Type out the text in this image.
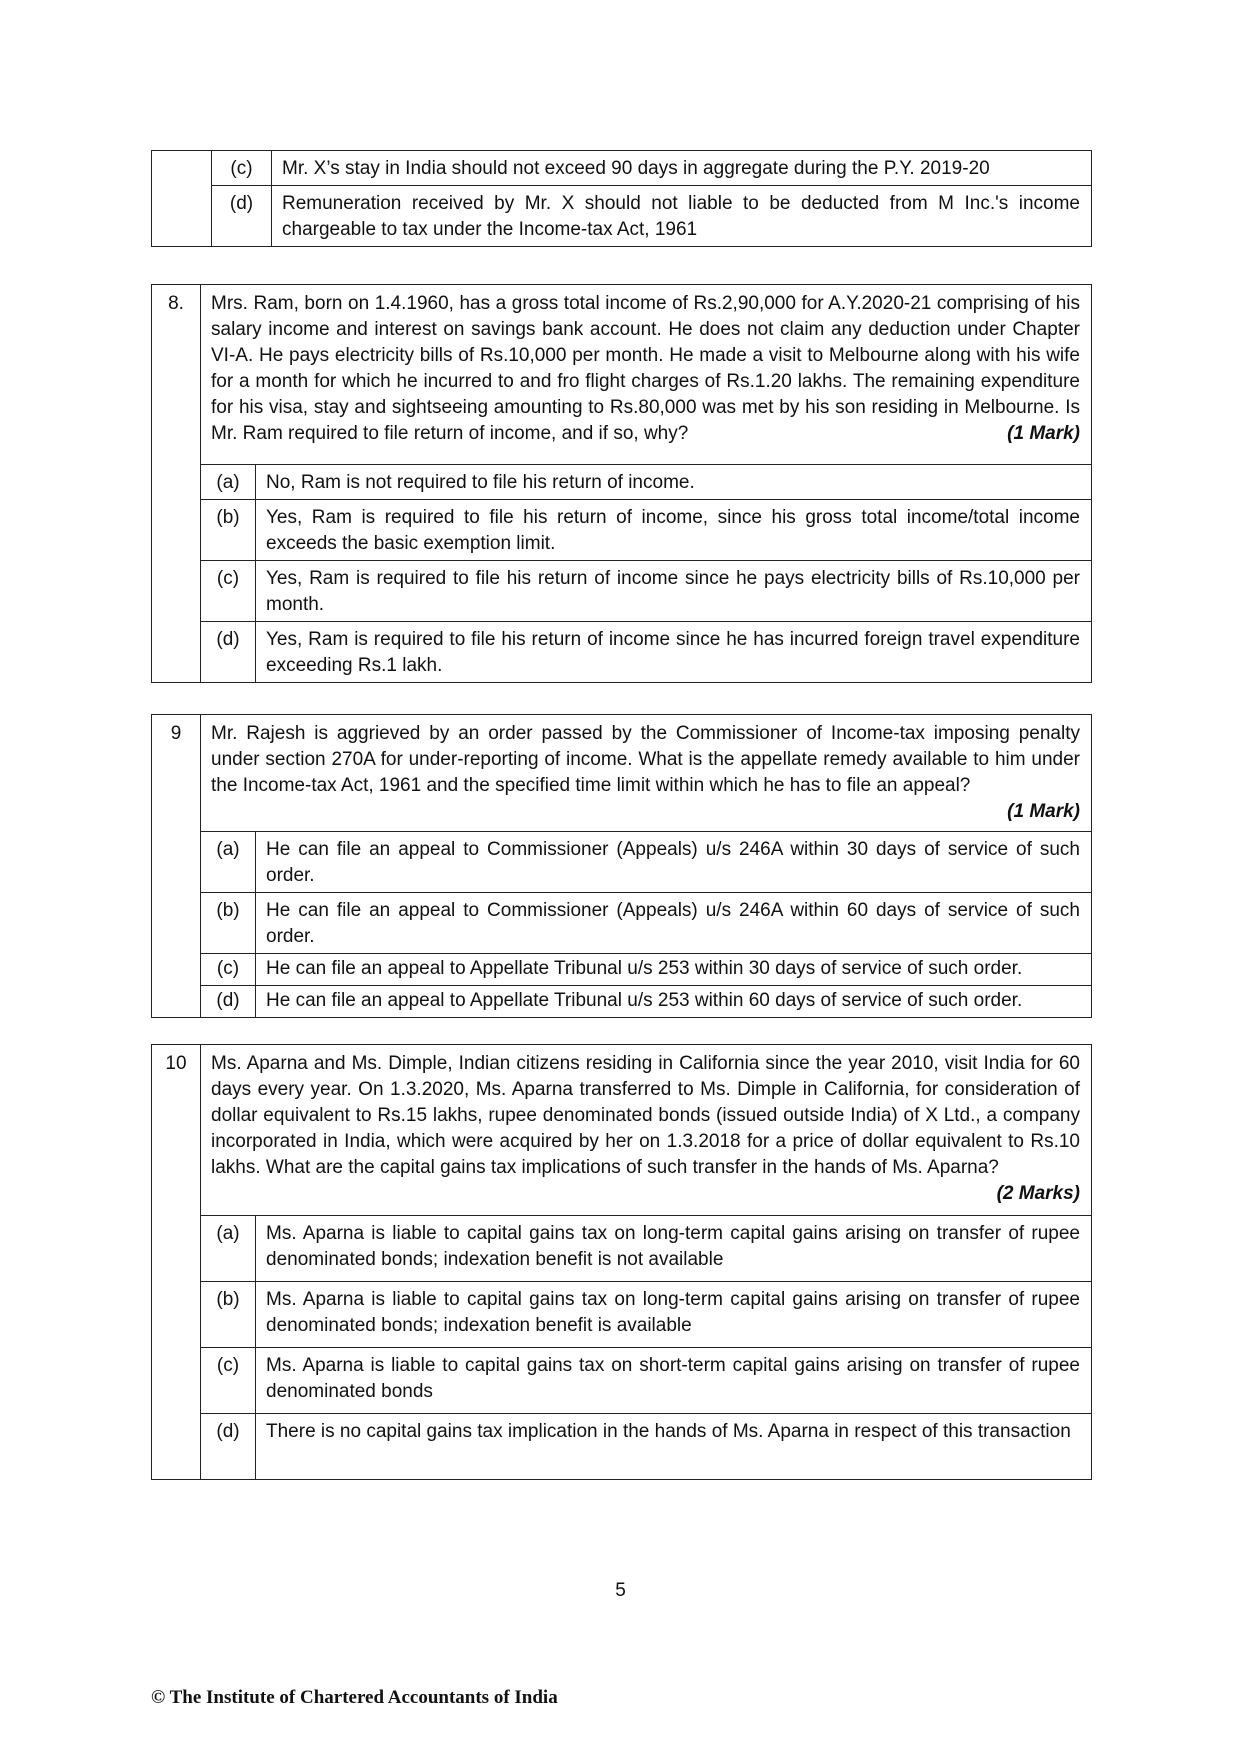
	(c)	Mr. X’s stay in India should not exceed 90 days in aggregate during the P.Y. 2019-20
	(d)	Remuneration received by Mr. X should not liable to be deducted from M Inc.'s income chargeable to tax under the Income-tax Act, 1961
8.	Mrs. Ram, born on 1.4.1960, has a gross total income of Rs.2,90,000 for A.Y.2020-21 comprising of his salary income and interest on savings bank account. He does not claim any deduction under Chapter VI-A. He pays electricity bills of Rs.10,000 per month. He made a visit to Melbourne along with his wife for a month for which he incurred to and fro flight charges of Rs.1.20 lakhs. The remaining expenditure for his visa, stay and sightseeing amounting to Rs.80,000 was met by his son residing in Melbourne. Is Mr. Ram required to file return of income, and if so, why? (1 Mark)	

	(a)	No, Ram is not required to file his return of income.
	(b)	Yes, Ram is required to file his return of income, since his gross total income/total income exceeds the basic exemption limit.
	(c)	Yes, Ram is required to file his return of income since he pays electricity bills of Rs.10,000 per month.
	(d)	Yes, Ram is required to file his return of income since he has incurred foreign travel expenditure exceeding Rs.1 lakh.
9	Mr. Rajesh is aggrieved by an order passed by the Commissioner of Income-tax imposing penalty under section 270A for under-reporting of income. What is the appellate remedy available to him under the Income-tax Act, 1961 and the specified time limit within which he has to file an appeal?
(1 Mark)	

	(a)	He can file an appeal to Commissioner (Appeals) u/s 246A within 30 days of service of such order.
	(b)	He can file an appeal to Commissioner (Appeals) u/s 246A within 60 days of service of such order.
	(c)	He can file an appeal to Appellate Tribunal u/s 253 within 30 days of service of such order.
	(d)	He can file an appeal to Appellate Tribunal u/s 253 within 60 days of service of such order.
10	Ms. Aparna and Ms. Dimple, Indian citizens residing in California since the year 2010, visit India for 60 days every year. On 1.3.2020, Ms. Aparna transferred to Ms. Dimple in California, for consideration of dollar equivalent to Rs.15 lakhs, rupee denominated bonds (issued outside India) of X Ltd., a company incorporated in India, which were acquired by her on 1.3.2018 for a price of dollar equivalent to Rs.10 lakhs. What are the capital gains tax implications of such transfer in the hands of Ms. Aparna?
(2 Marks)	

	(a)	Ms. Aparna is liable to capital gains tax on long-term capital gains arising on transfer of rupee denominated bonds; indexation benefit is not available
	(b)	Ms. Aparna is liable to capital gains tax on long-term capital gains arising on transfer of rupee denominated bonds; indexation benefit is available
	(c)	Ms. Aparna is liable to capital gains tax on short-term capital gains arising on transfer of rupee denominated bonds
	(d)	There is no capital gains tax implication in the hands of Ms. Aparna in respect of this transaction
5
© The Institute of Chartered Accountants of India
